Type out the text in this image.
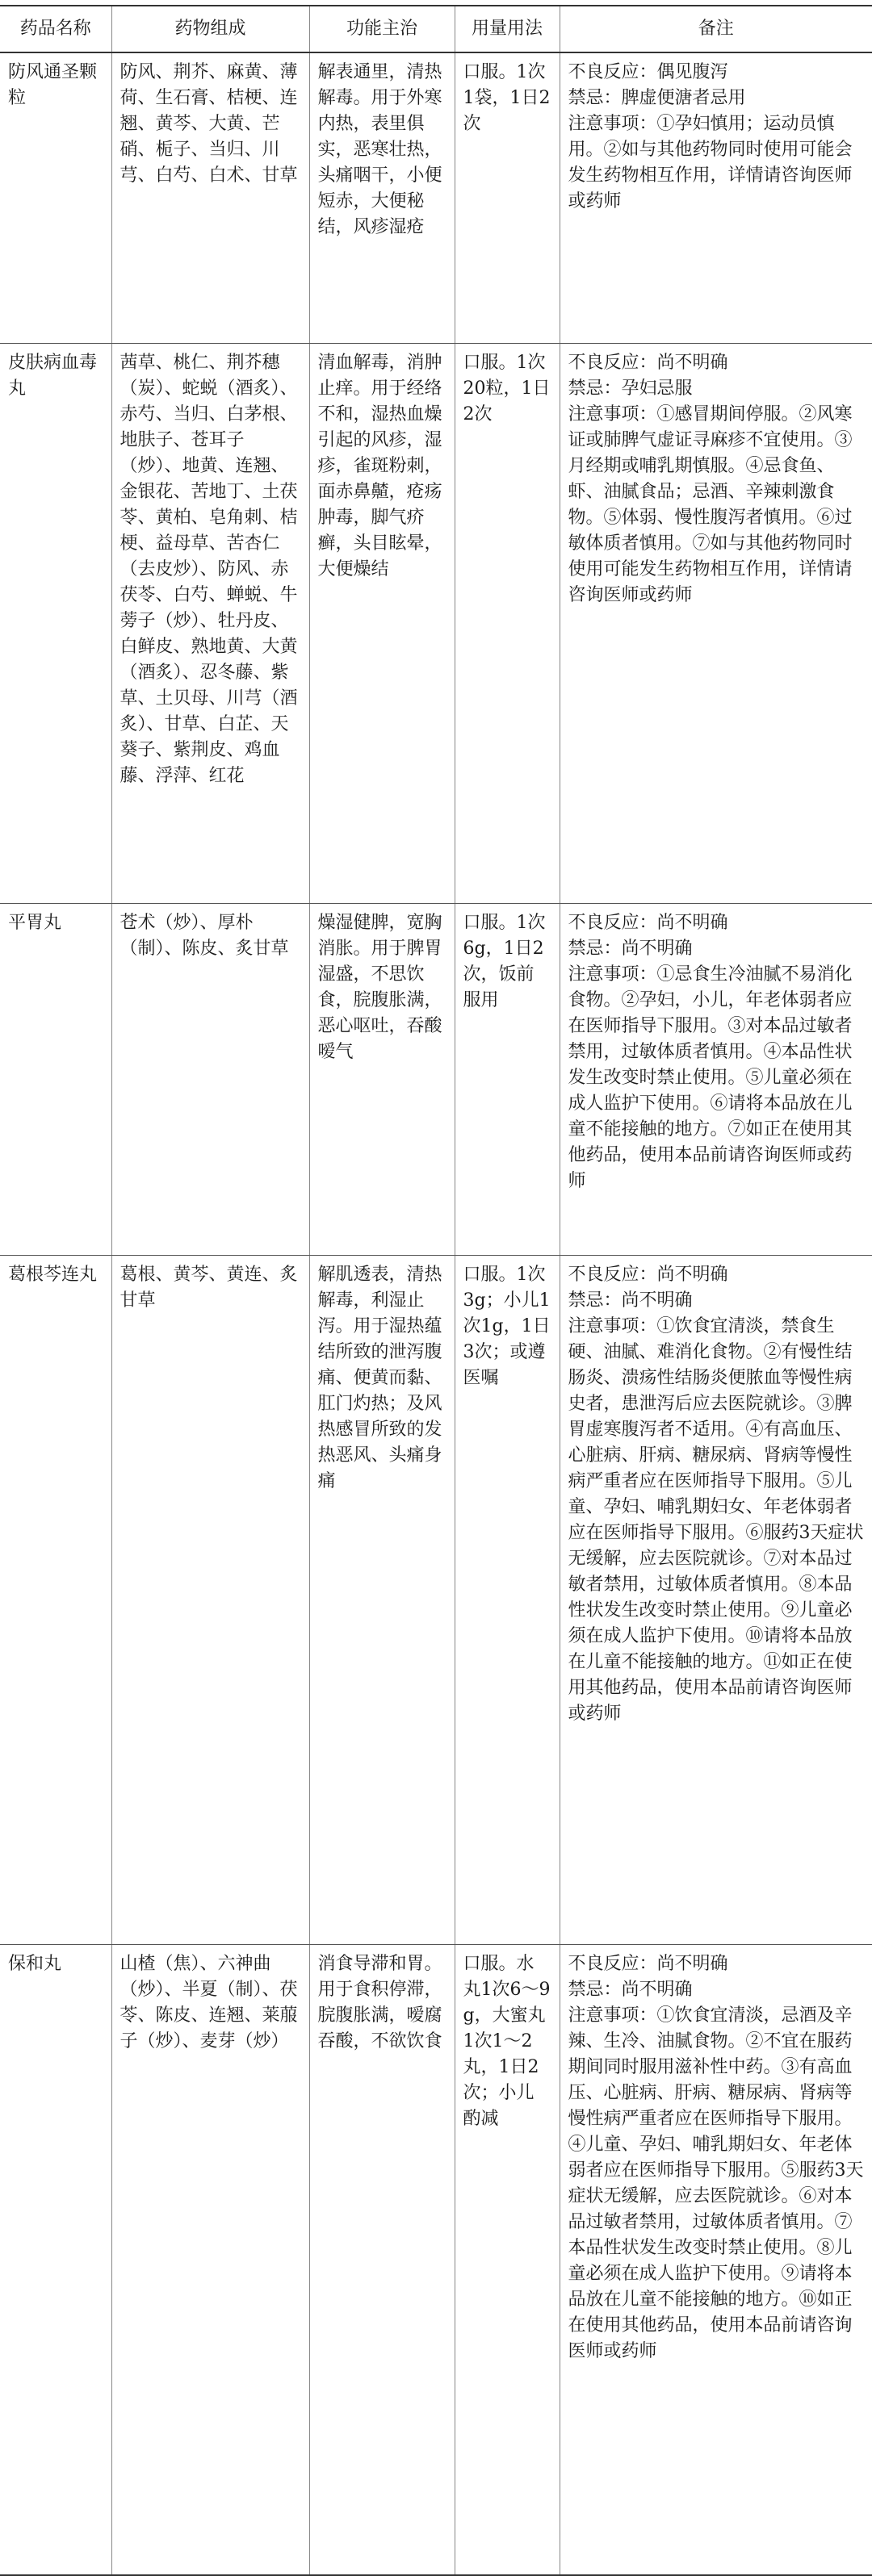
药品名称	药物组成	功能主治	用量用法	备注
防风通圣颗粒	防风、荆芥、麻黄、薄荷、生石膏、桔梗、连翘、黄芩、大黄、芒硝、栀子、当归、川芎、白芍、白术、甘草	解表通里，清热解毒。用于外寒内热，表里俱实，恶寒壮热，头痛咽干，小便短赤，大便秘结，风疹湿疮	口服。1次1袋，1日2次	不良反应：偶见腹泻
禁忌：脾虚便溏者忌用
注意事项：①孕妇慎用；运动员慎用。②如与其他药物同时使用可能会发生药物相互作用，详情请咨询医师或药师
皮肤病血毒丸	茜草、桃仁、荆芥穗（炭）、蛇蜕（酒炙）、赤芍、当归、白茅根、地肤子、苍耳子（炒）、地黄、连翘、金银花、苦地丁、土茯苓、黄柏、皂角刺、桔梗、益母草、苦杏仁（去皮炒）、防风、赤茯苓、白芍、蝉蜕、牛蒡子（炒）、牡丹皮、白鲜皮、熟地黄、大黄（酒炙）、忍冬藤、紫草、土贝母、川芎（酒炙）、甘草、白芷、天葵子、紫荆皮、鸡血藤、浮萍、红花	清血解毒，消肿止痒。用于经络不和，湿热血燥引起的风疹，湿疹，雀斑粉刺，面赤鼻齄，疮疡肿毒，脚气疥癣，头目眩晕，大便燥结	口服。1次20粒，1日2次	不良反应：尚不明确
禁忌：孕妇忌服
注意事项：①感冒期间停服。②风寒证或肺脾气虚证寻麻疹不宜使用。③月经期或哺乳期慎服。④忌食鱼、虾、油腻食品；忌酒、辛辣刺激食物。⑤体弱、慢性腹泻者慎用。⑥过敏体质者慎用。⑦如与其他药物同时使用可能发生药物相互作用，详情请咨询医师或药师
平胃丸	苍术（炒）、厚朴（制）、陈皮、炙甘草	燥湿健脾，宽胸消胀。用于脾胃湿盛，不思饮食，脘腹胀满，恶心呕吐，吞酸嗳气	口服。1次6g，1日2次，饭前服用	不良反应：尚不明确
禁忌：尚不明确
注意事项：①忌食生冷油腻不易消化食物。②孕妇，小儿，年老体弱者应在医师指导下服用。③对本品过敏者禁用，过敏体质者慎用。④本品性状发生改变时禁止使用。⑤儿童必须在成人监护下使用。⑥请将本品放在儿童不能接触的地方。⑦如正在使用其他药品，使用本品前请咨询医师或药师
葛根芩连丸	葛根、黄芩、黄连、炙甘草	解肌透表，清热解毒，利湿止泻。用于湿热蕴结所致的泄泻腹痛、便黄而黏、肛门灼热；及风热感冒所致的发热恶风、头痛身痛	口服。1次3g；小儿1次1g，1日3次；或遵医嘱	不良反应：尚不明确
禁忌：尚不明确
注意事项：①饮食宜清淡，禁食生硬、油腻、难消化食物。②有慢性结肠炎、溃疡性结肠炎便脓血等慢性病史者，患泄泻后应去医院就诊。③脾胃虚寒腹泻者不适用。④有高血压、心脏病、肝病、糖尿病、肾病等慢性病严重者应在医师指导下服用。⑤儿童、孕妇、哺乳期妇女、年老体弱者应在医师指导下服用。⑥服药3天症状无缓解，应去医院就诊。⑦对本品过敏者禁用，过敏体质者慎用。⑧本品性状发生改变时禁止使用。⑨儿童必须在成人监护下使用。⑩请将本品放在儿童不能接触的地方。⑪如正在使用其他药品，使用本品前请咨询医师或药师
保和丸	山楂（焦）、六神曲（炒）、半夏（制）、茯苓、陈皮、连翘、莱菔子（炒）、麦芽（炒）	消食导滞和胃。用于食积停滞，脘腹胀满，嗳腐吞酸，不欲饮食	口服。水丸1次6～9g，大蜜丸1次1～2丸，1日2次；小儿酌减	不良反应：尚不明确
禁忌：尚不明确
注意事项：①饮食宜清淡，忌酒及辛辣、生冷、油腻食物。②不宜在服药期间同时服用滋补性中药。③有高血压、心脏病、肝病、糖尿病、肾病等慢性病严重者应在医师指导下服用。④儿童、孕妇、哺乳期妇女、年老体弱者应在医师指导下服用。⑤服药3天症状无缓解，应去医院就诊。⑥对本品过敏者禁用，过敏体质者慎用。⑦本品性状发生改变时禁止使用。⑧儿童必须在成人监护下使用。⑨请将本品放在儿童不能接触的地方。⑩如正在使用其他药品，使用本品前请咨询医师或药师
